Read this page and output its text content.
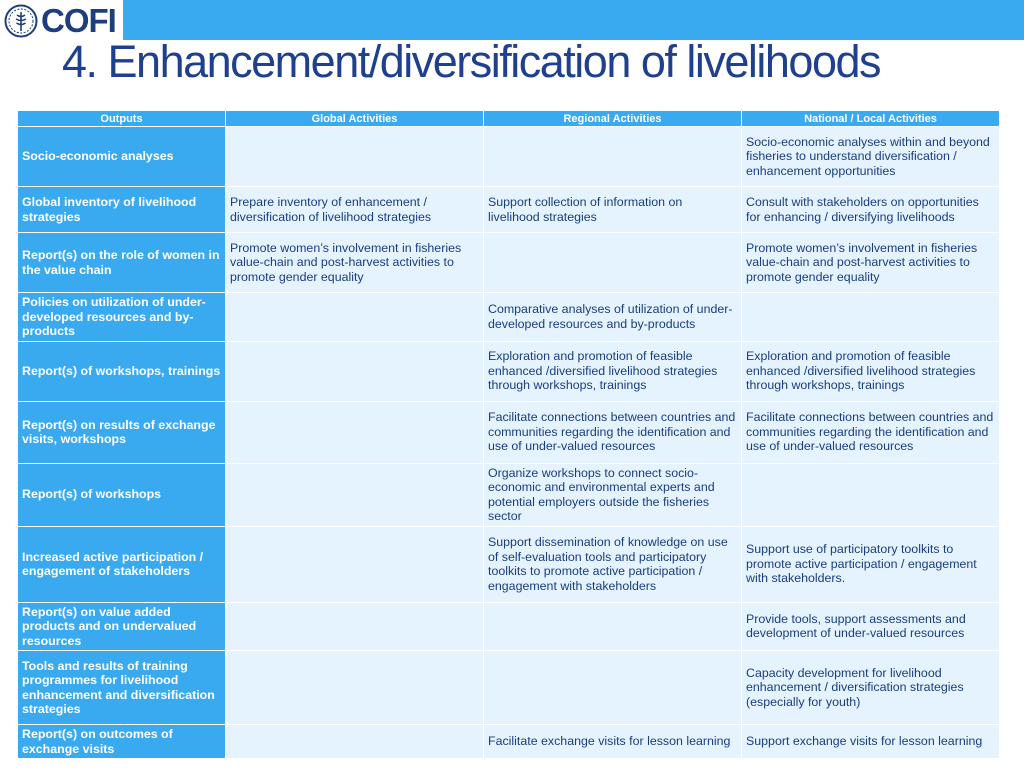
COFI
4. Enhancement/diversification of livelihoods
Outputs	Global Activities	Regional Activities	National / Local Activities
Socio-economic analyses			Socio-economic analyses within and beyond fisheries to understand diversification / enhancement opportunities
Global inventory of livelihood strategies	Prepare inventory of enhancement / diversification of livelihood strategies	Support collection of information on livelihood strategies	Consult with stakeholders on opportunities for enhancing / diversifying livelihoods
Report(s) on the role of women in the value chain	Promote women’s involvement in fisheries value-chain and post-harvest activities to promote gender equality		Promote women’s involvement in fisheries value-chain and post-harvest activities to promote gender equality
Policies on utilization of under-developed resources and by-products		Comparative analyses of utilization of under-developed resources and by-products	
Report(s) of workshops, trainings		Exploration and promotion of feasible enhanced /diversified livelihood strategies through workshops, trainings	Exploration and promotion of feasible enhanced /diversified livelihood strategies through workshops, trainings
Report(s) on results of exchange visits, workshops		Facilitate connections between countries and communities regarding the identification and use of under-valued resources	Facilitate connections between countries and communities regarding the identification and use of under-valued resources
Report(s) of workshops		Organize workshops to connect socio-economic and environmental experts and potential employers outside the fisheries sector	
Increased active participation / engagement of stakeholders		Support dissemination of knowledge on use of self-evaluation tools and participatory toolkits to promote active participation / engagement with stakeholders	Support use of participatory toolkits to promote active participation / engagement with stakeholders.
Report(s) on value added products and on undervalued resources			Provide tools, support assessments and development of under-valued resources
Tools and results of training programmes for livelihood enhancement and diversification strategies			Capacity development for livelihood enhancement / diversification strategies (especially for youth)
Report(s) on outcomes of exchange visits		Facilitate exchange visits for lesson learning	Support exchange visits for lesson learning
